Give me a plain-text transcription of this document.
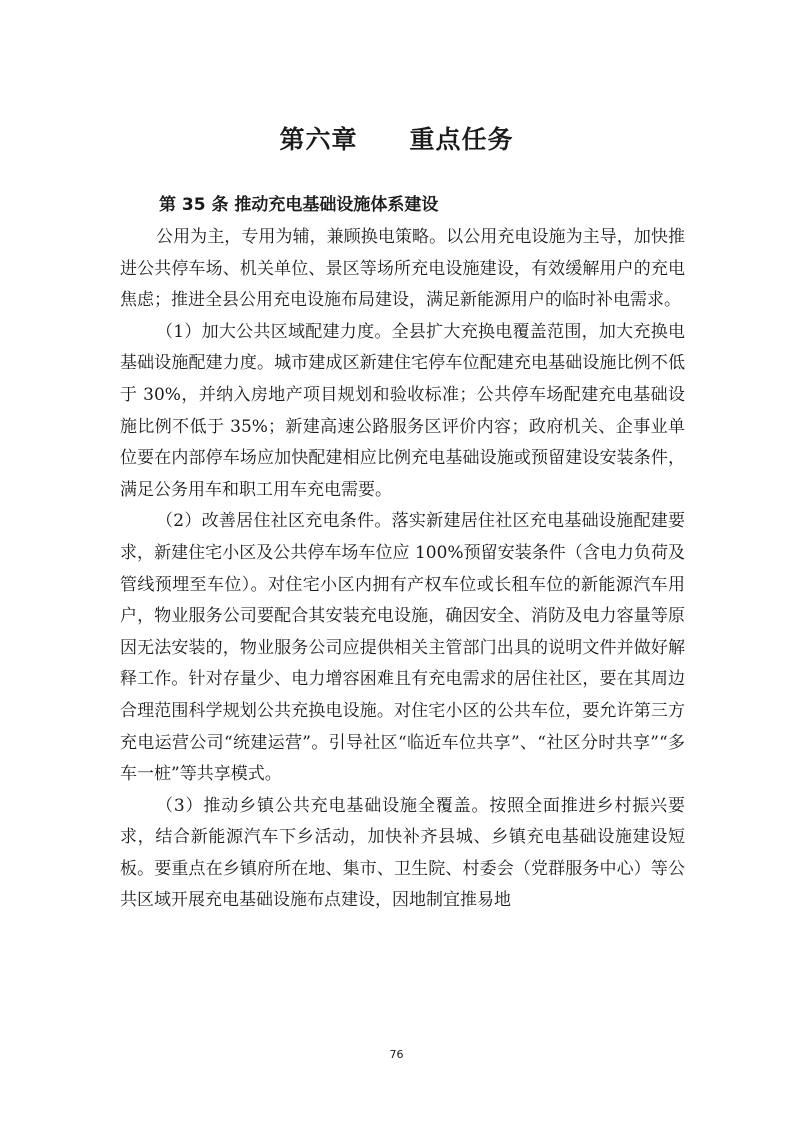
第六章　　重点任务
第 35 条 推动充电基础设施体系建设

公用为主，专用为辅，兼顾换电策略。以公用充电设施为主导，加快推进公共停车场、机关单位、景区等场所充电设施建设，有效缓解用户的充电焦虑；推进全县公用充电设施布局建设，满足新能源用户的临时补电需求。

（1）加大公共区域配建力度。全县扩大充换电覆盖范围，加大充换电基础设施配建力度。城市建成区新建住宅停车位配建充电基础设施比例不低于 30%，并纳入房地产项目规划和验收标准；公共停车场配建充电基础设施比例不低于 35%；新建高速公路服务区评价内容；政府机关、企事业单位要在内部停车场应加快配建相应比例充电基础设施或预留建设安装条件，满足公务用车和职工用车充电需要。

（2）改善居住社区充电条件。落实新建居住社区充电基础设施配建要求，新建住宅小区及公共停车场车位应 100%预留安装条件（含电力负荷及管线预埋至车位）。对住宅小区内拥有产权车位或长租车位的新能源汽车用户，物业服务公司要配合其安装充电设施，确因安全、消防及电力容量等原因无法安装的，物业服务公司应提供相关主管部门出具的说明文件并做好解释工作。针对存量少、电力增容困难且有充电需求的居住社区，要在其周边合理范围科学规划公共充换电设施。对住宅小区的公共车位，要允许第三方充电运营公司“统建运营”。引导社区“临近车位共享”、“社区分时共享”“多车一桩”等共享模式。

（3）推动乡镇公共充电基础设施全覆盖。按照全面推进乡村振兴要求，结合新能源汽车下乡活动，加快补齐县城、乡镇充电基础设施建设短板。要重点在乡镇府所在地、集市、卫生院、村委会（党群服务中心）等公共区域开展充电基础设施布点建设，因地制宜推易地

76
